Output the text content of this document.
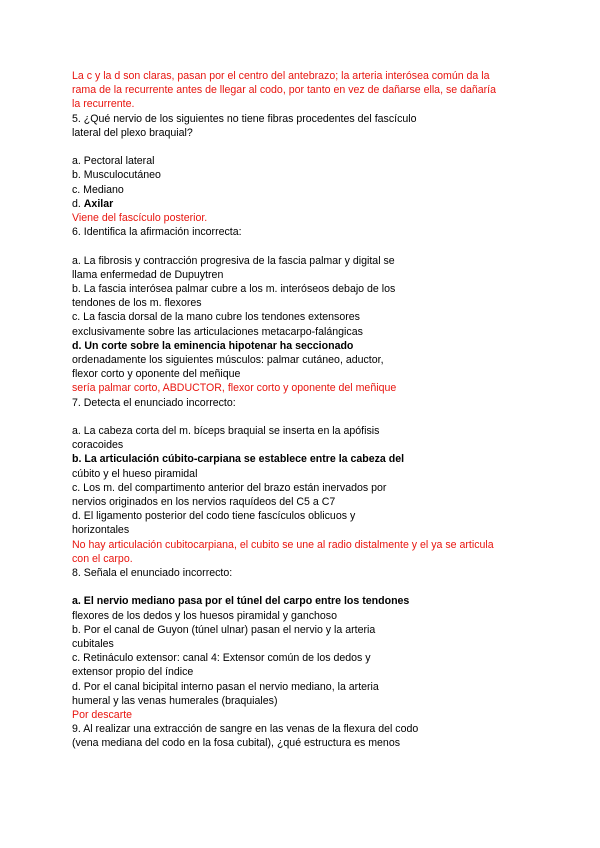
La c y la d son claras, pasan por el centro del antebrazo; la arteria interósea común da la
rama de la recurrente antes de llegar al codo, por tanto en vez de dañarse ella, se dañaría
la recurrente.
5. ¿Qué nervio de los siguientes no tiene fibras procedentes del fascículo
lateral del plexo braquial?
a. Pectoral lateral
b. Musculocutáneo
c. Mediano
d. Axilar
Viene del fascículo posterior.
6. Identifica la afirmación incorrecta:
a. La fibrosis y contracción progresiva de la fascia palmar y digital se
llama enfermedad de Dupuytren
b. La fascia interósea palmar cubre a los m. interóseos debajo de los
tendones de los m. flexores
c. La fascia dorsal de la mano cubre los tendones extensores
exclusivamente sobre las articulaciones metacarpo-falángicas
d. Un corte sobre la eminencia hipotenar ha seccionado
ordenadamente los siguientes músculos: palmar cutáneo, aductor,
flexor corto y oponente del meñique
sería palmar corto, ABDUCTOR, flexor corto y oponente del meñique
7. Detecta el enunciado incorrecto:
a. La cabeza corta del m. bíceps braquial se inserta en la apófisis
coracoides
b. La articulación cúbito-carpiana se establece entre la cabeza del
cúbito y el hueso piramidal
c. Los m. del compartimento anterior del brazo están inervados por
nervios originados en los nervios raquídeos del C5 a C7
d. El ligamento posterior del codo tiene fascículos oblicuos y
horizontales
No hay articulación cubitocarpiana, el cubito se une al radio distalmente y el ya se articula
con el carpo.
8. Señala el enunciado incorrecto:
a. El nervio mediano pasa por el túnel del carpo entre los tendones
flexores de los dedos y los huesos piramidal y ganchoso
b. Por el canal de Guyon (túnel ulnar) pasan el nervio y la arteria
cubitales
c. Retináculo extensor: canal 4: Extensor común de los dedos y
extensor propio del índice
d. Por el canal bicipital interno pasan el nervio mediano, la arteria
humeral y las venas humerales (braquiales)
Por descarte
9. Al realizar una extracción de sangre en las venas de la flexura del codo
(vena mediana del codo en la fosa cubital), ¿qué estructura es menos
